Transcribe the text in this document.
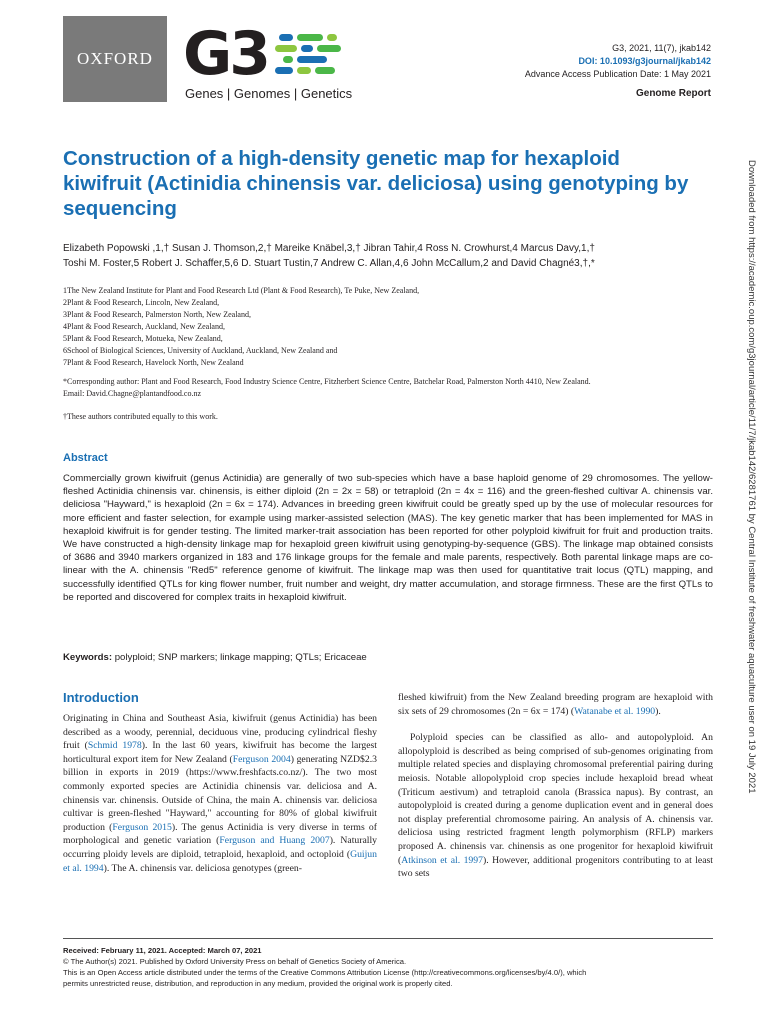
OXFORD G3
Genes | Genomes | Genetics
G3, 2021, 11(7), jkab142
DOI: 10.1093/g3journal/jkab142
Advance Access Publication Date: 1 May 2021
Genome Report
Construction of a high-density genetic map for hexaploid kiwifruit (Actinidia chinensis var. deliciosa) using genotyping by sequencing
Elizabeth Popowski ,1,† Susan J. Thomson,2,† Mareike Knäbel,3,† Jibran Tahir,4 Ross N. Crowhurst,4 Marcus Davy,1,†
Toshi M. Foster,5 Robert J. Schaffer,5,6 D. Stuart Tustin,7 Andrew C. Allan,4,6 John McCallum,2 and David Chagné3,†,*
1The New Zealand Institute for Plant and Food Research Ltd (Plant & Food Research), Te Puke, New Zealand,
2Plant & Food Research, Lincoln, New Zealand,
3Plant & Food Research, Palmerston North, New Zealand,
4Plant & Food Research, Auckland, New Zealand,
5Plant & Food Research, Motueka, New Zealand,
6School of Biological Sciences, University of Auckland, Auckland, New Zealand and
7Plant & Food Research, Havelock North, New Zealand
*Corresponding author: Plant and Food Research, Food Industry Science Centre, Fitzherbert Science Centre, Batchelar Road, Palmerston North 4410, New Zealand.
Email: David.Chagne@plantandfood.co.nz
†These authors contributed equally to this work.
Abstract
Commercially grown kiwifruit (genus Actinidia) are generally of two sub-species which have a base haploid genome of 29 chromosomes. The yellow-fleshed Actinidia chinensis var. chinensis, is either diploid (2n = 2x = 58) or tetraploid (2n = 4x = 116) and the green-fleshed cultivar A. chinensis var. deliciosa "Hayward," is hexaploid (2n = 6x = 174). Advances in breeding green kiwifruit could be greatly sped up by the use of molecular resources for more efficient and faster selection, for example using marker-assisted selection (MAS). The key genetic marker that has been implemented for MAS in hexaploid kiwifruit is for gender testing. The limited marker-trait association has been reported for other polyploid kiwifruit for fruit and production traits. We have constructed a high-density linkage map for hexaploid green kiwifruit using genotyping-by-sequence (GBS). The linkage map obtained consists of 3686 and 3940 markers organized in 183 and 176 linkage groups for the female and male parents, respectively. Both parental linkage maps are co-linear with the A. chinensis "Red5" reference genome of kiwifruit. The linkage map was then used for quantitative trait locus (QTL) mapping, and successfully identified QTLs for king flower number, fruit number and weight, dry matter accumulation, and storage firmness. These are the first QTLs to be reported and discovered for complex traits in hexaploid kiwifruit.
Keywords: polyploid; SNP markers; linkage mapping; QTLs; Ericaceae
Introduction

Originating in China and Southeast Asia, kiwifruit (genus Actinidia) has been described as a woody, perennial, deciduous vine, producing cylindrical fleshy fruit (Schmid 1978). In the last 60 years, kiwifruit has become the largest horticultural export item for New Zealand (Ferguson 2004) generating NZD$2.3 billion in exports in 2019 (https://www.freshfacts.co.nz/). The two most commonly exported species are Actinidia chinensis var. deliciosa and A. chinensis var. chinensis. Outside of China, the main A. chinensis var. deliciosa cultivar is green-fleshed "Hayward," accounting for 80% of global kiwifruit production (Ferguson 2015). The genus Actinidia is very diverse in terms of morphological and genetic variation (Ferguson and Huang 2007). Naturally occurring ploidy levels are diploid, tetraploid, hexaploid, and octoploid (Guijun et al. 1994). The A. chinensis var. deliciosa genotypes (green-

fleshed kiwifruit) from the New Zealand breeding program are hexaploid with six sets of 29 chromosomes (2n = 6x = 174) (Watanabe et al. 1990).

Polyploid species can be classified as allo- and autopolyploid. An allopolyploid is described as being comprised of sub-genomes originating from multiple related species and displaying chromosomal preferential pairing during meiosis. Notable allopolyploid crop species include hexaploid bread wheat (Triticum aestivum) and tetraploid canola (Brassica napus). By contrast, an autopolyploid is created during a genome duplication event and in general does not display preferential chromosome pairing. An analysis of A. chinensis var. deliciosa using restricted fragment length polymorphism (RFLP) markers proposed A. chinensis var. chinensis as one progenitor for hexaploid kiwifruit (Atkinson et al. 1997). However, additional progenitors contributing to at least two sets

Received: February 11, 2021. Accepted: March 07, 2021
© The Author(s) 2021. Published by Oxford University Press on behalf of Genetics Society of America.
This is an Open Access article distributed under the terms of the Creative Commons Attribution License (http://creativecommons.org/licenses/by/4.0/), which
permits unrestricted reuse, distribution, and reproduction in any medium, provided the original work is properly cited.
Downloaded from https://academic.oup.com/g3journal/article/11/7/jkab142/6281761 by Central Institute of freshwater aquaculture user on 19 July 2021
